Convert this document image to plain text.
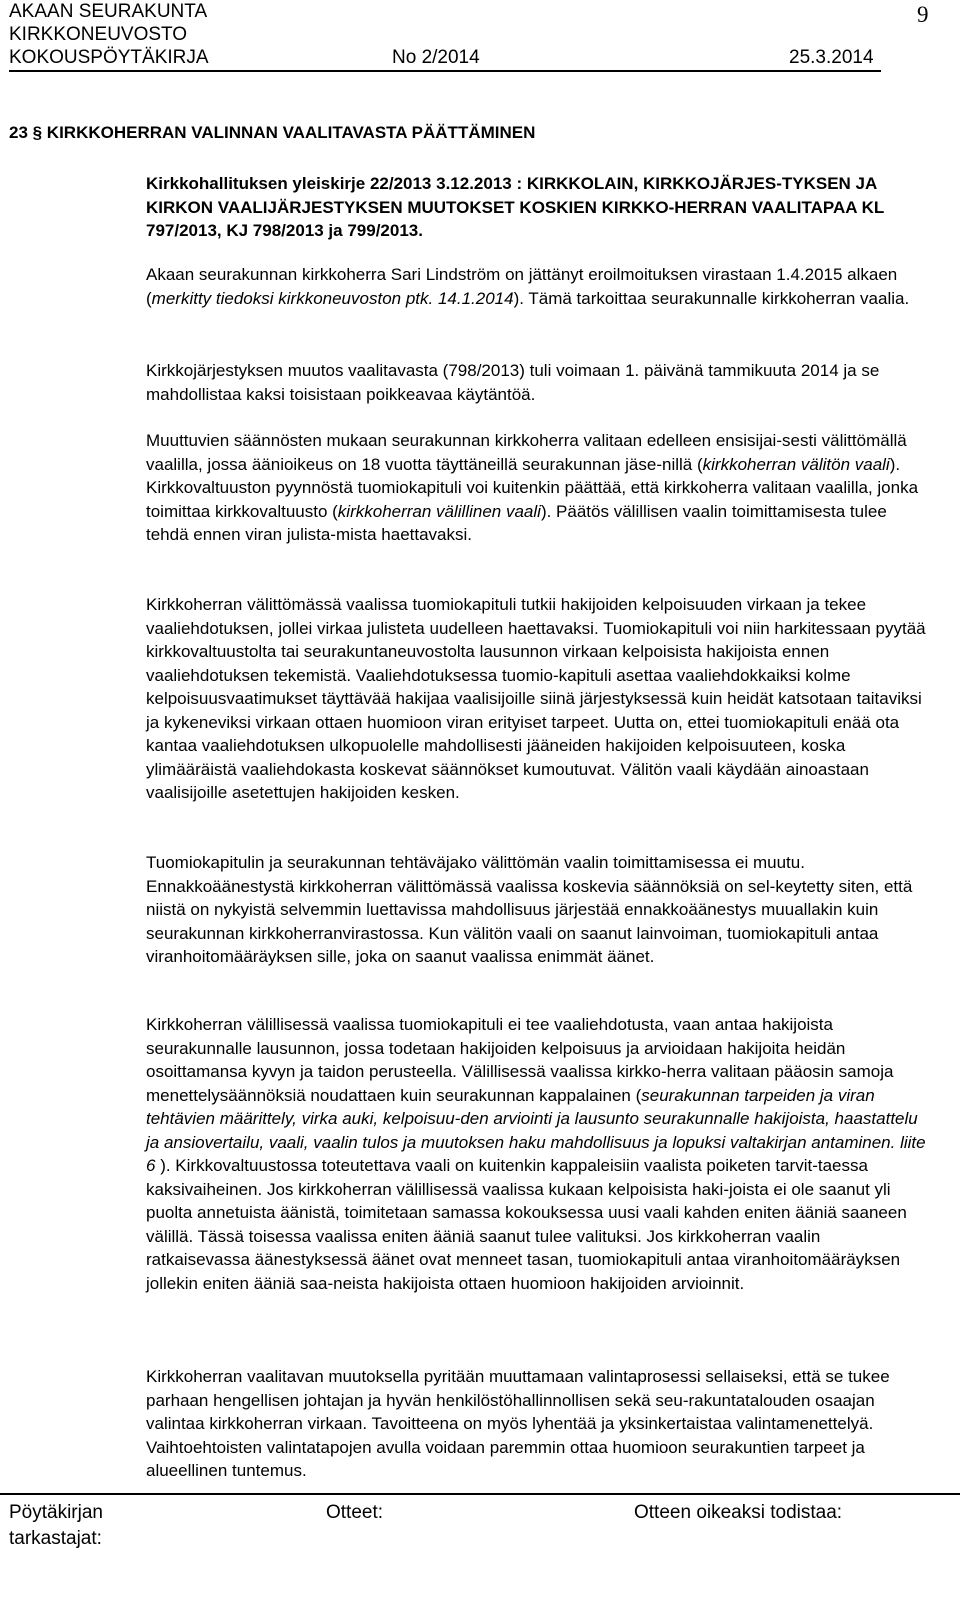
AKAAN SEURAKUNTA
KIRKKONEUVOSTO
KOKOUSPÖYTÄKIRJA	No 2/2014	25.3.2014
9
23 § KIRKKOHERRAN VALINNAN VAALITAVASTA PÄÄTTÄMINEN

Kirkkohallituksen yleiskirje 22/2013 3.12.2013 : KIRKKOLAIN, KIRKKOJÄRJES-TYKSEN JA KIRKON VAALIJÄRJESTYKSEN MUUTOKSET KOSKIEN KIRKKO-HERRAN VAALITAPAA KL 797/2013, KJ 798/2013 ja 799/2013.

Akaan seurakunnan kirkkoherra Sari Lindström on jättänyt eroilmoituksen virastaan 1.4.2015 alkaen (merkitty tiedoksi kirkkoneuvoston ptk. 14.1.2014). Tämä tarkoittaa seurakunnalle kirkkoherran vaalia.

Kirkkojärjestyksen muutos vaalitavasta (798/2013) tuli voimaan 1. päivänä tammikuuta 2014 ja se mahdollistaa kaksi toisistaan poikkeavaa käytäntöä.

Muuttuvien säännösten mukaan seurakunnan kirkkoherra valitaan edelleen ensisijai-sesti välittömällä vaalilla, jossa äänioikeus on 18 vuotta täyttäneillä seurakunnan jäse-nillä (kirkkoherran välitön vaali). Kirkkovaltuuston pyynnöstä tuomiokapituli voi kuitenkin päättää, että kirkkoherra valitaan vaalilla, jonka toimittaa kirkkovaltuusto (kirkkoherran välillinen vaali). Päätös välillisen vaalin toimittamisesta tulee tehdä ennen viran julista-mista haettavaksi.

Kirkkoherran välittömässä vaalissa tuomiokapituli tutkii hakijoiden kelpoisuuden virkaan ja tekee vaaliehdotuksen, jollei virkaa julisteta uudelleen haettavaksi. Tuomiokapituli voi niin harkitessaan pyytää kirkkovaltuustolta tai seurakuntaneuvostolta lausunnon virkaan kelpoisista hakijoista ennen vaaliehdotuksen tekemistä. Vaaliehdotuksessa tuomio-kapituli asettaa vaaliehdokkaiksi kolme kelpoisuusvaatimukset täyttävää hakijaa vaalisijoille siinä järjestyksessä kuin heidät katsotaan taitaviksi ja kykeneviksi virkaan ottaen huomioon viran erityiset tarpeet. Uutta on, ettei tuomiokapituli enää ota kantaa vaaliehdotuksen ulkopuolelle mahdollisesti jääneiden hakijoiden kelpoisuuteen, koska ylimääräistä vaaliehdokasta koskevat säännökset kumoutuvat. Välitön vaali käydään ainoastaan vaalisijoille asetettujen hakijoiden kesken.

Tuomiokapitulin ja seurakunnan tehtäväjako välittömän vaalin toimittamisessa ei muutu. Ennakkoäänestystä kirkkoherran välittömässä vaalissa koskevia säännöksiä on sel-keytetty siten, että niistä on nykyistä selvemmin luettavissa mahdollisuus järjestää ennakkoäänestys muuallakin kuin seurakunnan kirkkoherranvirastossa. Kun välitön vaali on saanut lainvoiman, tuomiokapituli antaa viranhoitomääräyksen sille, joka on saanut vaalissa enimmät äänet.

Kirkkoherran välillisessä vaalissa tuomiokapituli ei tee vaaliehdotusta, vaan antaa hakijoista seurakunnalle lausunnon, jossa todetaan hakijoiden kelpoisuus ja arvioidaan hakijoita heidän osoittamansa kyvyn ja taidon perusteella. Välillisessä vaalissa kirkko-herra valitaan pääosin samoja menettelysäännöksiä noudattaen kuin seurakunnan kappalainen (seurakunnan tarpeiden ja viran tehtävien määrittely, virka auki, kelpoisuu-den arviointi ja lausunto seurakunnalle hakijoista, haastattelu ja ansiovertailu, vaali, vaalin tulos ja muutoksen haku mahdollisuus ja lopuksi valtakirjan antaminen. liite 6 ). Kirkkovaltuustossa toteutettava vaali on kuitenkin kappaleisiin vaalista poiketen tarvit-taessa kaksivaiheinen. Jos kirkkoherran välillisessä vaalissa kukaan kelpoisista haki-joista ei ole saanut yli puolta annetuista äänistä, toimitetaan samassa kokouksessa uusi vaali kahden eniten ääniä saaneen välillä. Tässä toisessa vaalissa eniten ääniä saanut tulee valituksi. Jos kirkkoherran vaalin ratkaisevassa äänestyksessä äänet ovat menneet tasan, tuomiokapituli antaa viranhoitomääräyksen jollekin eniten ääniä saa-neista hakijoista ottaen huomioon hakijoiden arvioinnit.

Kirkkoherran vaalitavan muutoksella pyritään muuttamaan valintaprosessi sellaiseksi, että se tukee parhaan hengellisen johtajan ja hyvän henkilöstöhallinnollisen sekä seu-rakuntatalouden osaajan valintaa kirkkoherran virkaan. Tavoitteena on myös lyhentää ja yksinkertaistaa valintamenettelyä. Vaihtoehtoisten valintatapojen avulla voidaan paremmin ottaa huomioon seurakuntien tarpeet ja alueellinen tuntemus.

Pöytäkirjan tarkastajat:
Otteet:	Otteen oikeaksi todistaa:
